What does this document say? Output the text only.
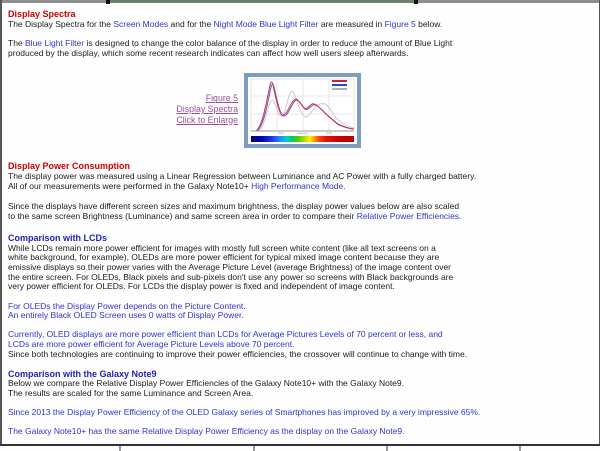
Display Spectra
The Display Spectra for the Screen Modes and for the Night Mode Blue Light Filter are measured in Figure 5 below.
The Blue Light Filter is designed to change the color balance of the display in order to reduce the amount of Blue Light
produced by the display, which some recent research indicates can affect how well users sleep afterwards.
Figure 5
Display Spectra
Click to Enlarge
Display Power Consumption
The display power was measured using a Linear Regression between Luminance and AC Power with a fully charged battery.
All of our measurements were performed in the Galaxy Note10+ High Performance Mode.
Since the displays have different screen sizes and maximum brightness, the display power values below are also scaled
to the same screen Brightness (Luminance) and same screen area in order to compare their Relative Power Efficiencies.
Comparison with LCDs
While LCDs remain more power efficient for images with mostly full screen white content (like all text screens on a
white background, for example), OLEDs are more power efficient for typical mixed image content because they are
emissive displays so their power varies with the Average Picture Level (average Brightness) of the image content over
the entire screen. For OLEDs, Black pixels and sub-pixels don't use any power so screens with Black backgrounds are
very power efficient for OLEDs. For LCDs the display power is fixed and independent of image content.
For OLEDs the Display Power depends on the Picture Content.
An entirely Black OLED Screen uses 0 watts of Display Power.
Currently, OLED displays are more power efficient than LCDs for Average Pictures Levels of 70 percent or less, and
LCDs are more power efficient for Average Picture Levels above 70 percent.
Since both technologies are continuing to improve their power efficiencies, the crossover will continue to change with time.
Comparison with the Galaxy Note9
Below we compare the Relative Display Power Efficiencies of the Galaxy Note10+ with the Galaxy Note9.
The results are scaled for the same Luminance and Screen Area.
Since 2013 the Display Power Efficiency of the OLED Galaxy series of Smartphones has improved by a very impressive 65%.
The Galaxy Note10+ has the same Relative Display Power Efficiency as the display on the Galaxy Note9.
